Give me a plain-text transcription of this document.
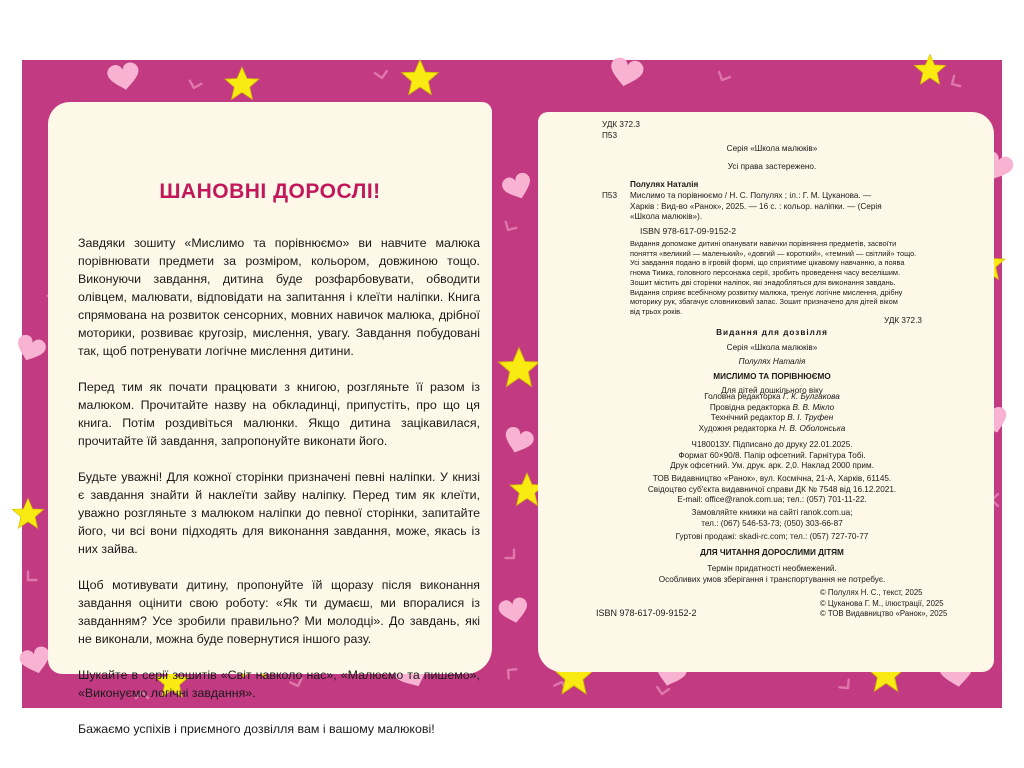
ШАНОВНІ ДОРОСЛІ!

Завдяки зошиту «Мислимо та порівнюємо» ви навчите малюка порівнювати предмети за розміром, кольором, довжиною тощо. Виконуючи завдання, дитина буде розфарбовувати, обводити олівцем, малювати, відповідати на запитання і клеїти наліпки. Книга спрямована на розвиток сенсорних, мовних навичок малюка, дрібної моторики, розвиває кругозір, мислення, увагу. Завдання побудовані так, щоб потренувати логічне мислення дитини.

Перед тим як почати працювати з книгою, розгляньте її разом із малюком. Прочитайте назву на обкладинці, припустіть, про що ця книга. Потім роздивіться малюнки. Якщо дитина зацікавилася, прочитайте їй завдання, запропонуйте виконати його.

Будьте уважні! Для кожної сторінки призначені певні наліпки. У книзі є завдання знайти й наклеїти зайву наліпку. Перед тим як клеїти, уважно розгляньте з малюком наліпки до певної сторінки, запитайте його, чи всі вони підходять для виконання завдання, може, якась із них зайва.

Щоб мотивувати дитину, пропонуйте їй щоразу після виконання завдання оцінити свою роботу: «Як ти думаєш, ми впоралися із завданням? Усе зробили правильно? Ми молодці». До завдань, які не виконали, можна буде повернутися іншого разу.

Шукайте в серії зошитів «Світ навколо нас», «Малюємо та пишемо», «Виконуємо логічні завдання».

Бажаємо успіхів і приємного дозвілля вам і вашому малюкові!

УДК 372.3

П53

Серія «Школа малюків»
Усі права застережено.
Полулях Наталія
П53 Мислимо та порівнюємо / Н. С. Полулях ; іл.: Г. М. Цуканова. —

Харків : Вид-во «Ранок», 2025. — 16 с. : кольор. наліпки. — (Серія

«Школа малюків»).

ISBN 978-617-09-9152-2

Видання допоможе дитині опанувати навички порівняння предметів, засвоїти

поняття «великий — маленький», «довгий — короткий», «темний — світлий» тощо.

Усі завдання подано в ігровій формі, що сприятиме цікавому навчанню, а поява

гнома Тимка, головного персонажа серії, зробить проведення часу веселішим.

Зошит містить дві сторінки наліпок, які знадобляться для виконання завдань.

Видання сприяє всебічному розвитку малюка, тренує логічне мислення, дрібну

моторику рук, збагачує словниковий запас. Зошит призначено для дітей віком

від трьох років.

УДК 372.3

Видання для дозвілля

Серія «Школа малюків»

Полулях Наталія

МИСЛИМО ТА ПОРІВНЮЄМО

Для дітей дошкільного віку

Головна редакторка Г. К. Булгакова

Провідна редакторка В. В. Мікло

Технічний редактор В. І. Труфен

Художня редакторка Н. В. Оболонська

Ч180013У. Підписано до друку 22.01.2025.

Формат 60×90/8. Папір офсетний. Гарнітура Тобі.

Друк офсетний. Ум. друк. арк. 2,0. Наклад 2000 прим.

ТОВ Видавництво «Ранок», вул. Космічна, 21-А, Харків, 61145.

Свідоцтво суб'єкта видавничої справи ДК № 7548 від 16.12.2021.

E-mail: office@ranok.com.ua; тел.: (057) 701-11-22.

Замовляйте книжки на сайті ranok.com.ua;

тел.: (067) 546-53-73; (050) 303-66-87

Гуртові продажі: skadi-rc.com; тел.: (057) 727-70-77
ДЛЯ ЧИТАННЯ ДОРОСЛИМИ ДІТЯМ

Термін придатності необмежений.

Особливих умов зберігання і транспортування не потребує.

ISBN 978-617-09-9152-2

© Полулях Н. С., текст, 2025

© Цуканова Г. М., ілюстрації, 2025

© ТОВ Видавництво «Ранок», 2025
